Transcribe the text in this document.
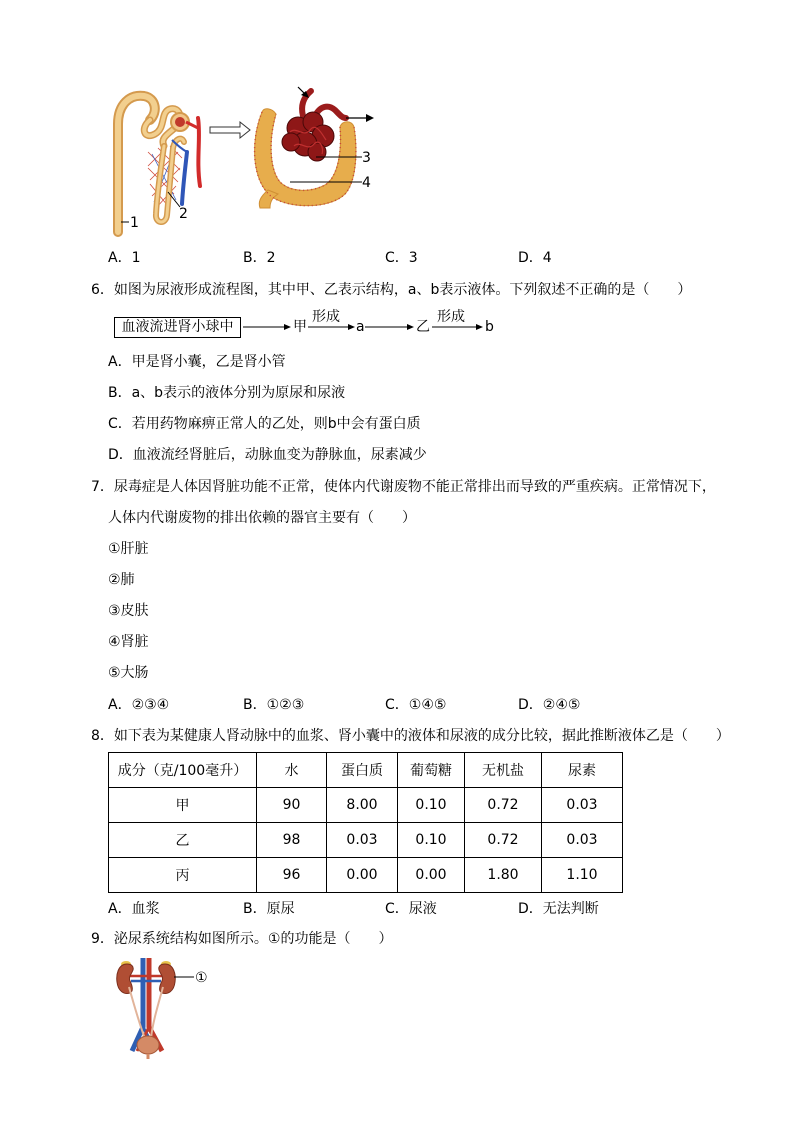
1
2
3
4
A．1	B．2	C．3	D．4
6．如图为尿液形成流程图，其中甲、乙表示结构，a、b表示液体。下列叙述不正确的是（　　）
血液流进肾小球中	甲
形成
a	乙
形成
b
A．甲是肾小囊，乙是肾小管
B．a、b表示的液体分别为原尿和尿液
C．若用药物麻痹正常人的乙处，则b中会有蛋白质
D．血液流经肾脏后，动脉血变为静脉血，尿素减少
7．尿毒症是人体因肾脏功能不正常，使体内代谢废物不能正常排出而导致的严重疾病。正常情况下，
人体内代谢废物的排出依赖的器官主要有（　　）
①肝脏
②肺
③皮肤
④肾脏
⑤大肠
A．②③④	B．①②③	C．①④⑤	D．②④⑤
8．如下表为某健康人肾动脉中的血浆、肾小囊中的液体和尿液的成分比较，据此推断液体乙是（　　）
成分（克/100毫升）	水	蛋白质	葡萄糖	无机盐	尿素
甲	90	8.00	0.10	0.72	0.03
乙	98	0.03	0.10	0.72	0.03
丙	96	0.00	0.00	1.80	1.10
A．血浆	B．原尿	C．尿液	D．无法判断
9．泌尿系统结构如图所示。①的功能是（　　）
①
